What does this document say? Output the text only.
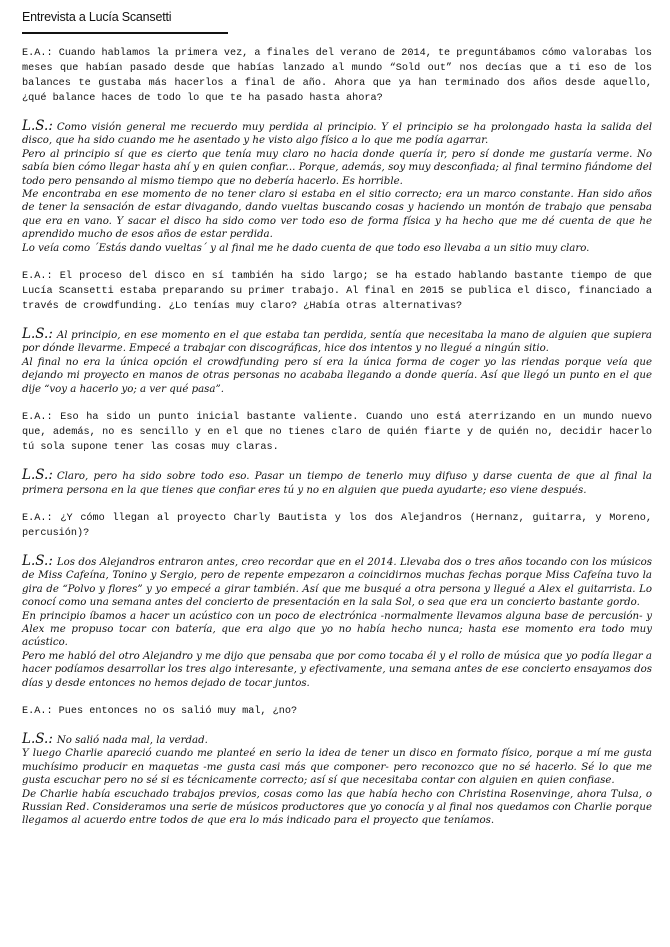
Entrevista a Lucía Scansetti

E.A.: Cuando hablamos la primera vez, a finales del verano de 2014, te preguntábamos cómo valorabas los meses que habían pasado desde que habías lanzado al mundo “Sold out” nos decías que a ti eso de los balances te gustaba más hacerlos a final de año. Ahora que ya han terminado dos años desde aquello, ¿qué balance haces de todo lo que te ha pasado hasta ahora?

L.S.: Como visión general me recuerdo muy perdida al principio. Y el principio se ha prolongado hasta la salida del disco, que ha sido cuando me he asentado y he visto algo físico a lo que me podía agarrar.

Pero al principio sí que es cierto que tenía muy claro no hacia donde quería ir, pero sí donde me gustaría verme. No sabía bien cómo llegar hasta ahí y en quien confiar... Porque, además, soy muy desconfiada; al final termino fiándome del todo pero pensando al mismo tiempo que no debería hacerlo. Es horrible.

Me encontraba en ese momento de no tener claro si estaba en el sitio correcto; era un marco constante. Han sido años de tener la sensación de estar divagando, dando vueltas buscando cosas y haciendo un montón de trabajo que pensaba que era en vano. Y sacar el disco ha sido como ver todo eso de forma física y ha hecho que me dé cuenta de que he aprendido mucho de esos años de estar perdida.

Lo veía como ´Estás dando vueltas´ y al final me he dado cuenta de que todo eso llevaba a un sitio muy claro.

E.A.: El proceso del disco en sí también ha sido largo; se ha estado hablando bastante tiempo de que Lucía Scansetti estaba preparando su primer trabajo. Al final en 2015 se publica el disco, financiado a través de crowdfunding. ¿Lo tenías muy claro? ¿Había otras alternativas?

L.S.: Al principio, en ese momento en el que estaba tan perdida, sentía que necesitaba la mano de alguien que supiera por dónde llevarme. Empecé a trabajar con discográficas, hice dos intentos y no llegué a ningún sitio.

Al final no era la única opción el crowdfunding pero sí era la única forma de coger yo las riendas porque veía que dejando mi proyecto en manos de otras personas no acababa llegando a donde quería. Así que llegó un punto en el que dije “voy a hacerlo yo; a ver qué pasa”.

E.A.: Eso ha sido un punto inicial bastante valiente. Cuando uno está aterrizando en un mundo nuevo que, además, no es sencillo y en el que no tienes claro de quién fiarte y de quién no, decidir hacerlo tú sola supone tener las cosas muy claras.

L.S.: Claro, pero ha sido sobre todo eso. Pasar un tiempo de tenerlo muy difuso y darse cuenta de que al final la primera persona en la que tienes que confiar eres tú y no en alguien que pueda ayudarte; eso viene después.

E.A.: ¿Y cómo llegan al proyecto Charly Bautista y los dos Alejandros (Hernanz, guitarra, y Moreno, percusión)?

L.S.: Los dos Alejandros entraron antes, creo recordar que en el 2014. Llevaba dos o tres años tocando con los músicos de Miss Cafeína, Tonino y Sergio, pero de repente empezaron a coincidirnos muchas fechas porque Miss Cafeína tuvo la gira de “Polvo y flores” y yo empecé a girar también. Así que me busqué a otra persona y llegué a Alex el guitarrista. Lo conocí como una semana antes del concierto de presentación en la sala Sol, o sea que era un concierto bastante gordo.

En principio íbamos a hacer un acústico con un poco de electrónica -normalmente llevamos alguna base de percusión- y Alex me propuso tocar con batería, que era algo que yo no había hecho nunca; hasta ese momento era todo muy acústico.

Pero me habló del otro Alejandro y me dijo que pensaba que por como tocaba él y el rollo de música que yo podía llegar a hacer podíamos desarrollar los tres algo interesante, y efectivamente, una semana antes de ese concierto ensayamos dos días y desde entonces no hemos dejado de tocar juntos.

E.A.: Pues entonces no os salió muy mal, ¿no?

L.S.: No salió nada mal, la verdad.

Y luego Charlie apareció cuando me planteé en serio la idea de tener un disco en formato físico, porque a mí me gusta muchísimo producir en maquetas -me gusta casi más que componer- pero reconozco que no sé hacerlo. Sé lo que me gusta escuchar pero no sé si es técnicamente correcto; así sí que necesitaba contar con alguien en quien confiase.

De Charlie había escuchado trabajos previos, cosas como las que había hecho con Christina Rosenvinge, ahora Tulsa, o Russian Red. Consideramos una serie de músicos productores que yo conocía y al final nos quedamos con Charlie porque llegamos al acuerdo entre todos de que era lo más indicado para el proyecto que teníamos.
